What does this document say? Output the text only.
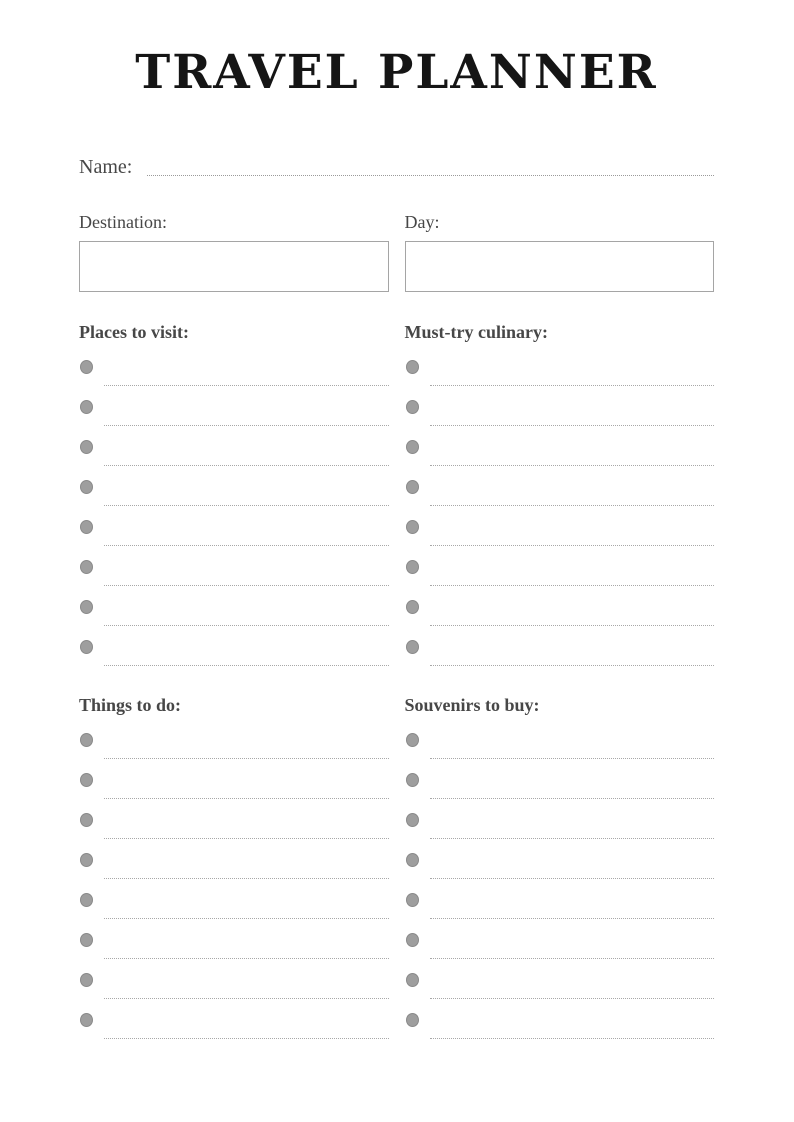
TRAVEL PLANNER
Name:
Destination:	Day:
Places to visit:	Must-try culinary:
Things to do:	Souvenirs to buy:
